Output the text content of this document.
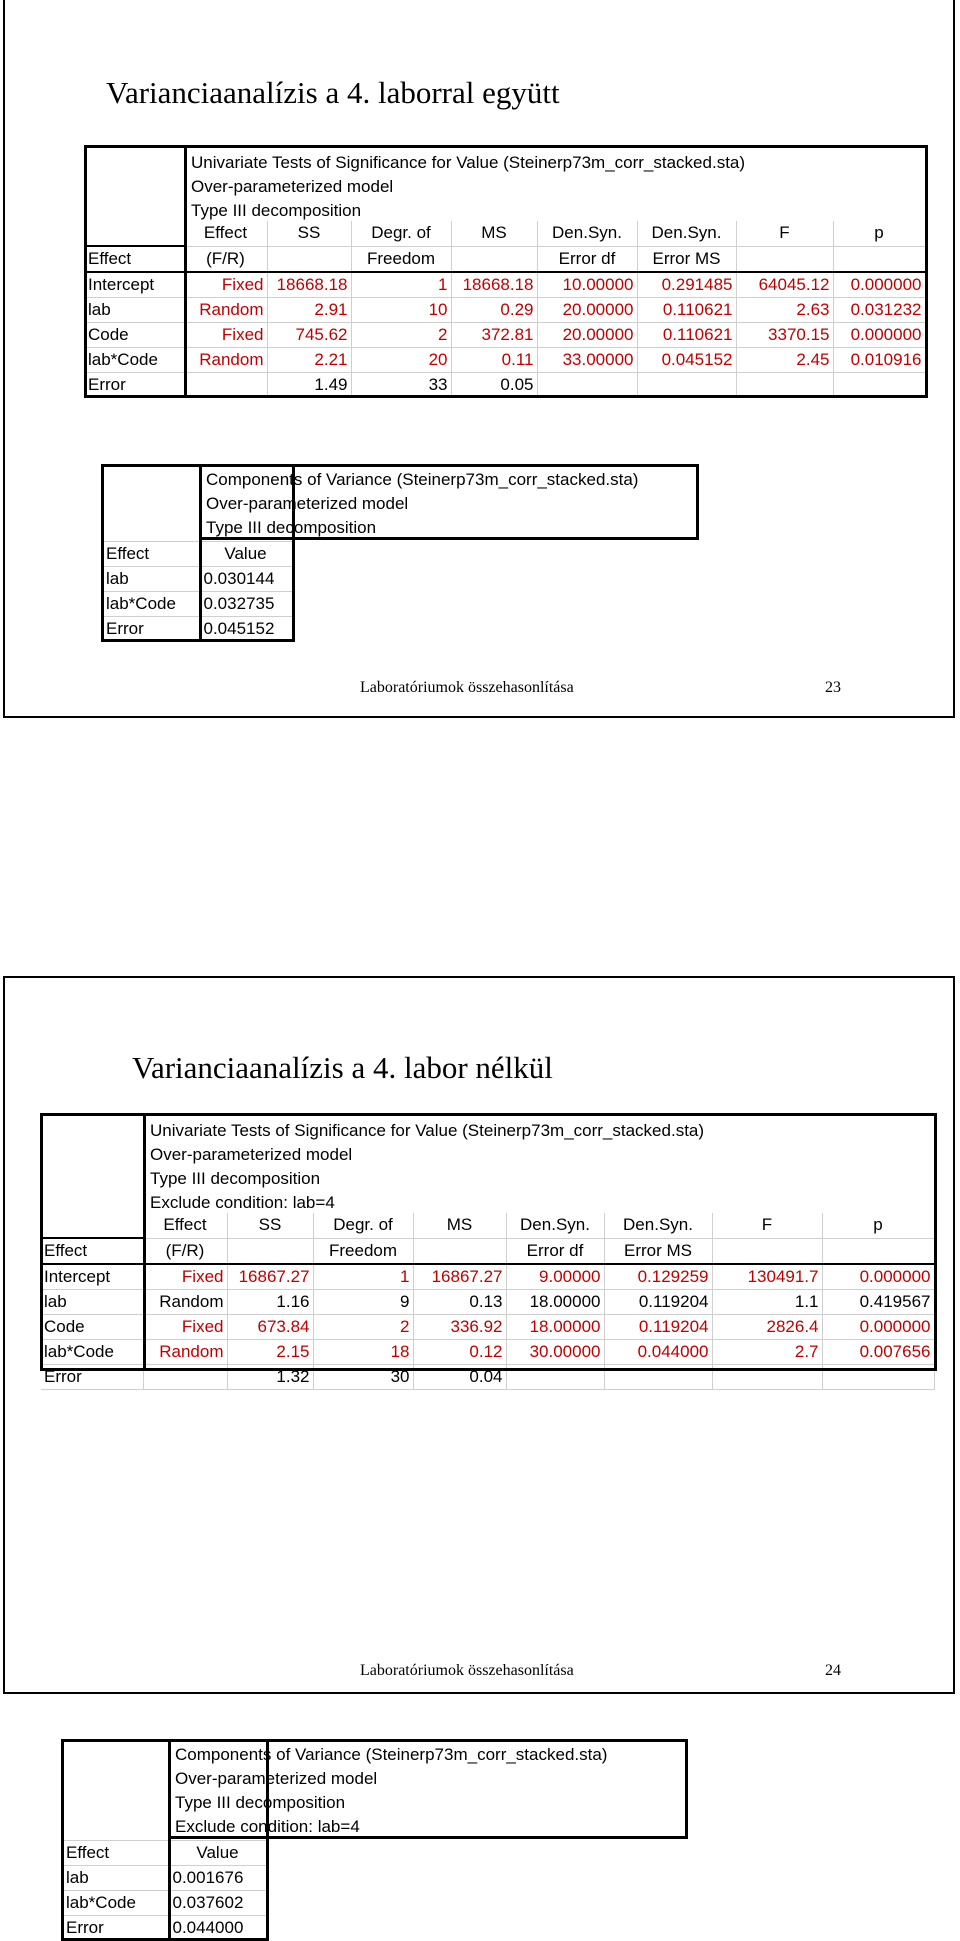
Varianciaanalízis a 4. laborral együtt
Univariate Tests of Significance for Value (Steinerp73m_corr_stacked.sta)
Over-parameterized model
Type III decomposition
	Effect	SS	Degr. of	MS	Den.Syn.	Den.Syn.	F	p
Effect	(F/R)		Freedom		Error df	Error MS		
Intercept	Fixed	18668.18	1	18668.18	10.00000	0.291485	64045.12	0.000000
lab	Random	2.91	10	0.29	20.00000	0.110621	2.63	0.031232
Code	Fixed	745.62	2	372.81	20.00000	0.110621	3370.15	0.000000
lab*Code	Random	2.21	20	0.11	33.00000	0.045152	2.45	0.010916
Error		1.49	33	0.05				
Components of Variance (Steinerp73m_corr_stacked.sta)
Over-parameterized model
Type III decomposition
Effect	Value
lab	0.030144
lab*Code	0.032735
Error	0.045152
Laboratóriumok összehasonlítása	23
Varianciaanalízis a 4. labor nélkül
Univariate Tests of Significance for Value (Steinerp73m_corr_stacked.sta)
Over-parameterized model
Type III decomposition
Exclude condition: lab=4
	Effect	SS	Degr. of	MS	Den.Syn.	Den.Syn.	F	p
Effect	(F/R)		Freedom		Error df	Error MS		
Intercept	Fixed	16867.27	1	16867.27	9.00000	0.129259	130491.7	0.000000
lab	Random	1.16	9	0.13	18.00000	0.119204	1.1	0.419567
Code	Fixed	673.84	2	336.92	18.00000	0.119204	2826.4	0.000000
lab*Code	Random	2.15	18	0.12	30.00000	0.044000	2.7	0.007656
Error		1.32	30	0.04				
Components of Variance (Steinerp73m_corr_stacked.sta)
Over-parameterized model
Type III decomposition
Exclude condition: lab=4
Effect	Value
lab	0.001676
lab*Code	0.037602
Error	0.044000
Laboratóriumok összehasonlítása	24
